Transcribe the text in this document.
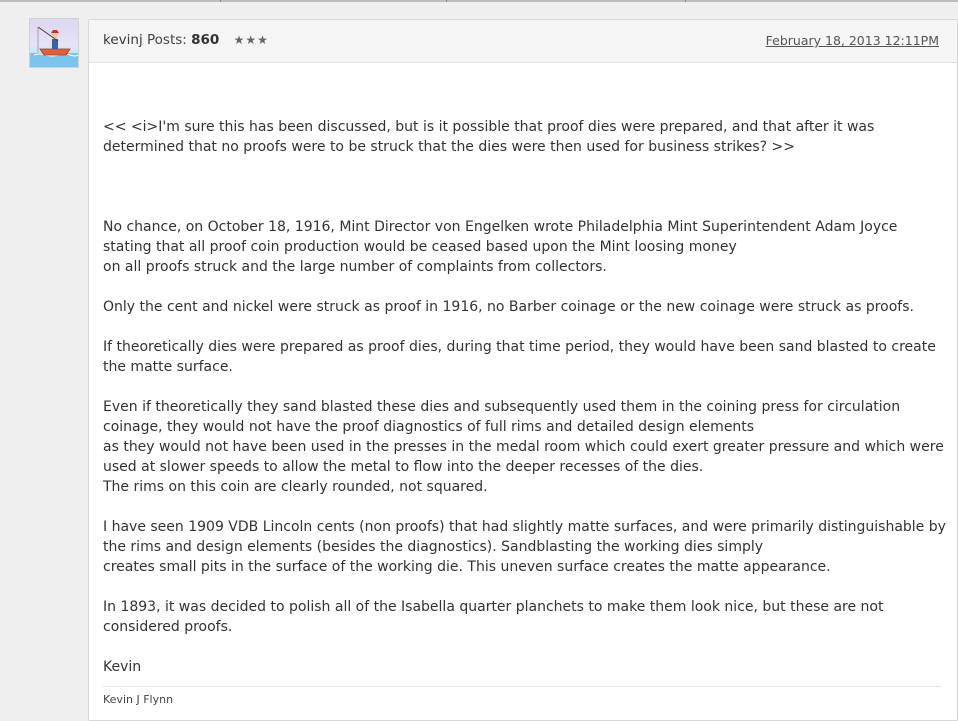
kevinj Posts: 860 ★★★	February 18, 2013 12:11PM

<< <i>I'm sure this has been discussed, but is it possible that proof dies were prepared, and that after it was determined that no proofs were to be struck that the dies were then used for business strikes? >>

No chance, on October 18, 1916, Mint Director von Engelken wrote Philadelphia Mint Superintendent Adam Joyce stating that all proof coin production would be ceased based upon the Mint loosing money
on all proofs struck and the large number of complaints from collectors.

Only the cent and nickel were struck as proof in 1916, no Barber coinage or the new coinage were struck as proofs.

If theoretically dies were prepared as proof dies, during that time period, they would have been sand blasted to create the matte surface.

Even if theoretically they sand blasted these dies and subsequently used them in the coining press for circulation coinage, they would not have the proof diagnostics of full rims and detailed design elements
as they would not have been used in the presses in the medal room which could exert greater pressure and which were used at slower speeds to allow the metal to flow into the deeper recesses of the dies.
The rims on this coin are clearly rounded, not squared.

I have seen 1909 VDB Lincoln cents (non proofs) that had slightly matte surfaces, and were primarily distinguishable by the rims and design elements (besides the diagnostics). Sandblasting the working dies simply
creates small pits in the surface of the working die. This uneven surface creates the matte appearance.

In 1893, it was decided to polish all of the Isabella quarter planchets to make them look nice, but these are not considered proofs.

Kevin

Kevin J Flynn
